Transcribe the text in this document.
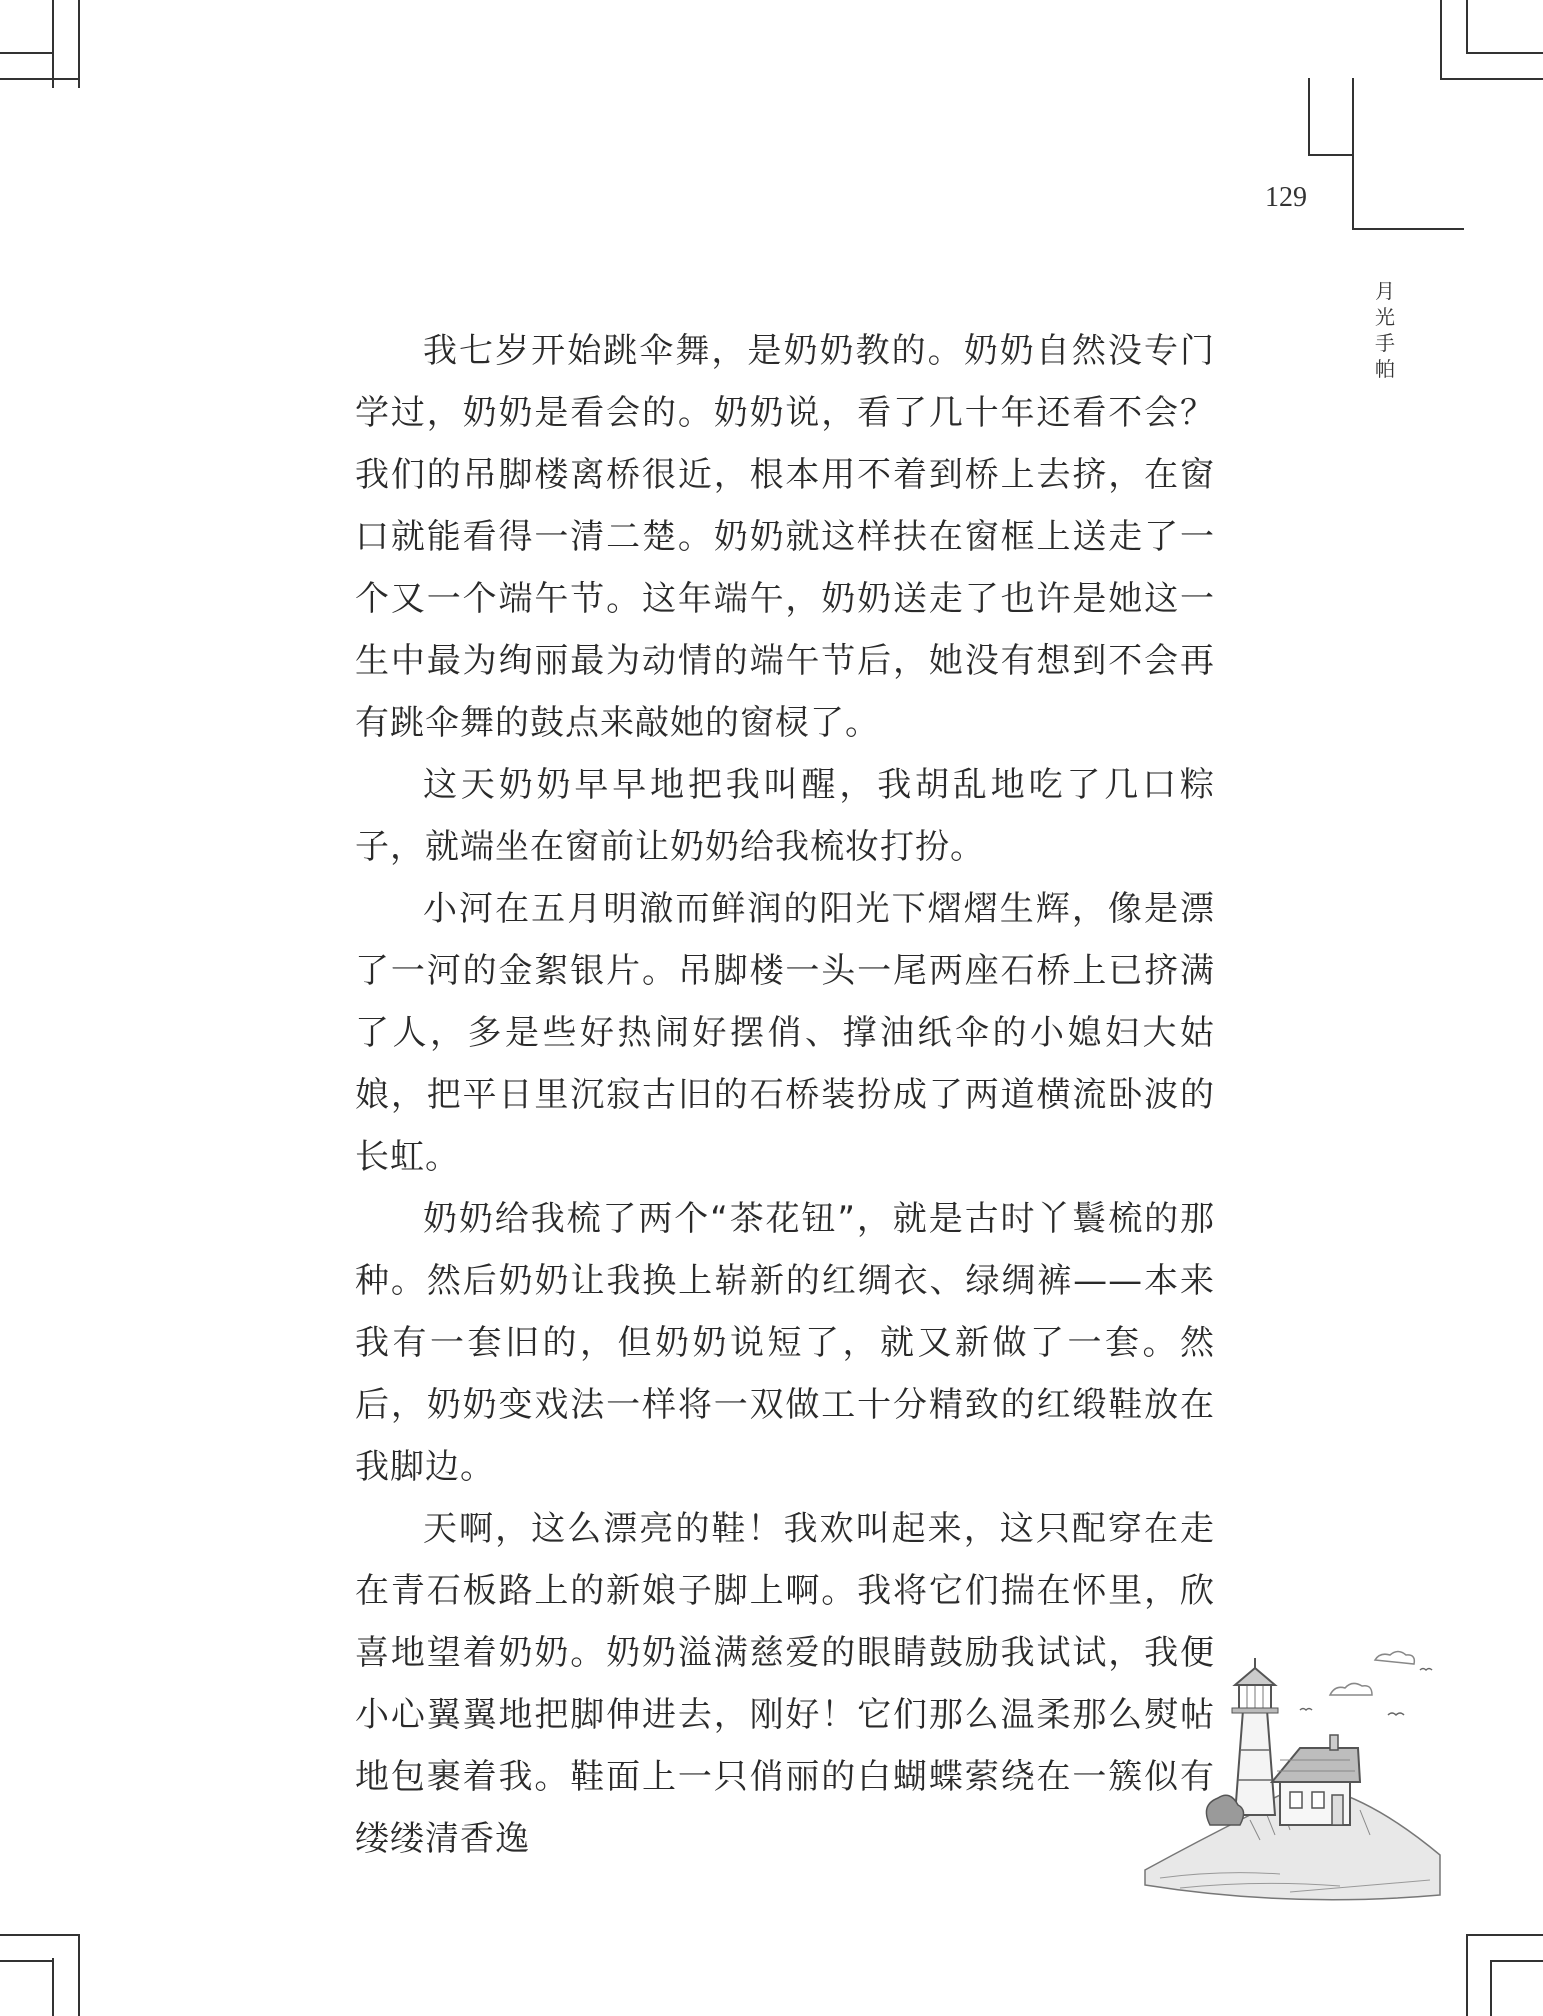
129
月
光
手
帕

我七岁开始跳伞舞，是奶奶教的。奶奶自然没专门学过，奶奶是看会的。奶奶说，看了几十年还看不会？我们的吊脚楼离桥很近，根本用不着到桥上去挤，在窗口就能看得一清二楚。奶奶就这样扶在窗框上送走了一个又一个端午节。这年端午，奶奶送走了也许是她这一生中最为绚丽最为动情的端午节后，她没有想到不会再有跳伞舞的鼓点来敲她的窗棂了。

这天奶奶早早地把我叫醒，我胡乱地吃了几口粽子，就端坐在窗前让奶奶给我梳妆打扮。

小河在五月明澈而鲜润的阳光下熠熠生辉，像是漂了一河的金絮银片。吊脚楼一头一尾两座石桥上已挤满了人，多是些好热闹好摆俏、撑油纸伞的小媳妇大姑娘，把平日里沉寂古旧的石桥装扮成了两道横流卧波的长虹。

奶奶给我梳了两个“茶花钮”，就是古时丫鬟梳的那种。然后奶奶让我换上崭新的红绸衣、绿绸裤——本来我有一套旧的，但奶奶说短了，就又新做了一套。然后，奶奶变戏法一样将一双做工十分精致的红缎鞋放在我脚边。

天啊，这么漂亮的鞋！我欢叫起来，这只配穿在走在青石板路上的新娘子脚上啊。我将它们揣在怀里，欣喜地望着奶奶。奶奶溢满慈爱的眼睛鼓励我试试，我便小心翼翼地把脚伸进去，刚好！它们那么温柔那么熨帖地包裹着我。鞋面上一只俏丽的白蝴蝶萦绕在一簇似有缕缕清香逸
